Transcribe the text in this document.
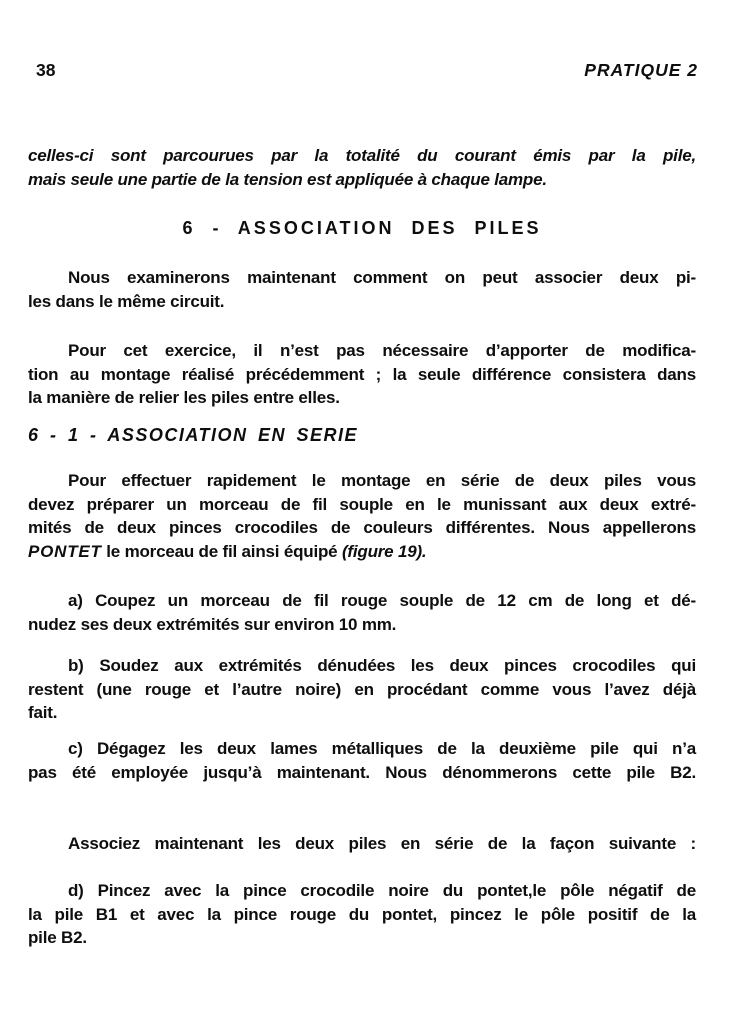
38	PRATIQUE 2
celles-ci sont parcourues par la totalité du courant émis par la pile,
mais seule une partie de la tension est appliquée à chaque lampe.
6 - ASSOCIATION DES PILES
Nous examinerons maintenant comment on peut associer deux pi-
les dans le même circuit.
Pour cet exercice, il n’est pas nécessaire d’apporter de modifica-
tion au montage réalisé précédemment ; la seule différence consistera dans
la manière de relier les piles entre elles.
6 - 1 - ASSOCIATION EN SERIE
Pour effectuer rapidement le montage en série de deux piles vous
devez préparer un morceau de fil souple en le munissant aux deux extré-
mités de deux pinces crocodiles de couleurs différentes. Nous appellerons
PONTET le morceau de fil ainsi équipé (figure 19).
a) Coupez un morceau de fil rouge souple de 12 cm de long et dé-
nudez ses deux extrémités sur environ 10 mm.
b) Soudez aux extrémités dénudées les deux pinces crocodiles qui
restent (une rouge et l’autre noire) en procédant comme vous l’avez déjà
fait.
c) Dégagez les deux lames métalliques de la deuxième pile qui n’a
pas été employée jusqu’à maintenant. Nous dénommerons cette pile B2.
Associez maintenant les deux piles en série de la façon suivante :
d) Pincez avec la pince crocodile noire du pontet,le pôle négatif de
la pile B1 et avec la pince rouge du pontet, pincez le pôle positif de la
pile B2.
